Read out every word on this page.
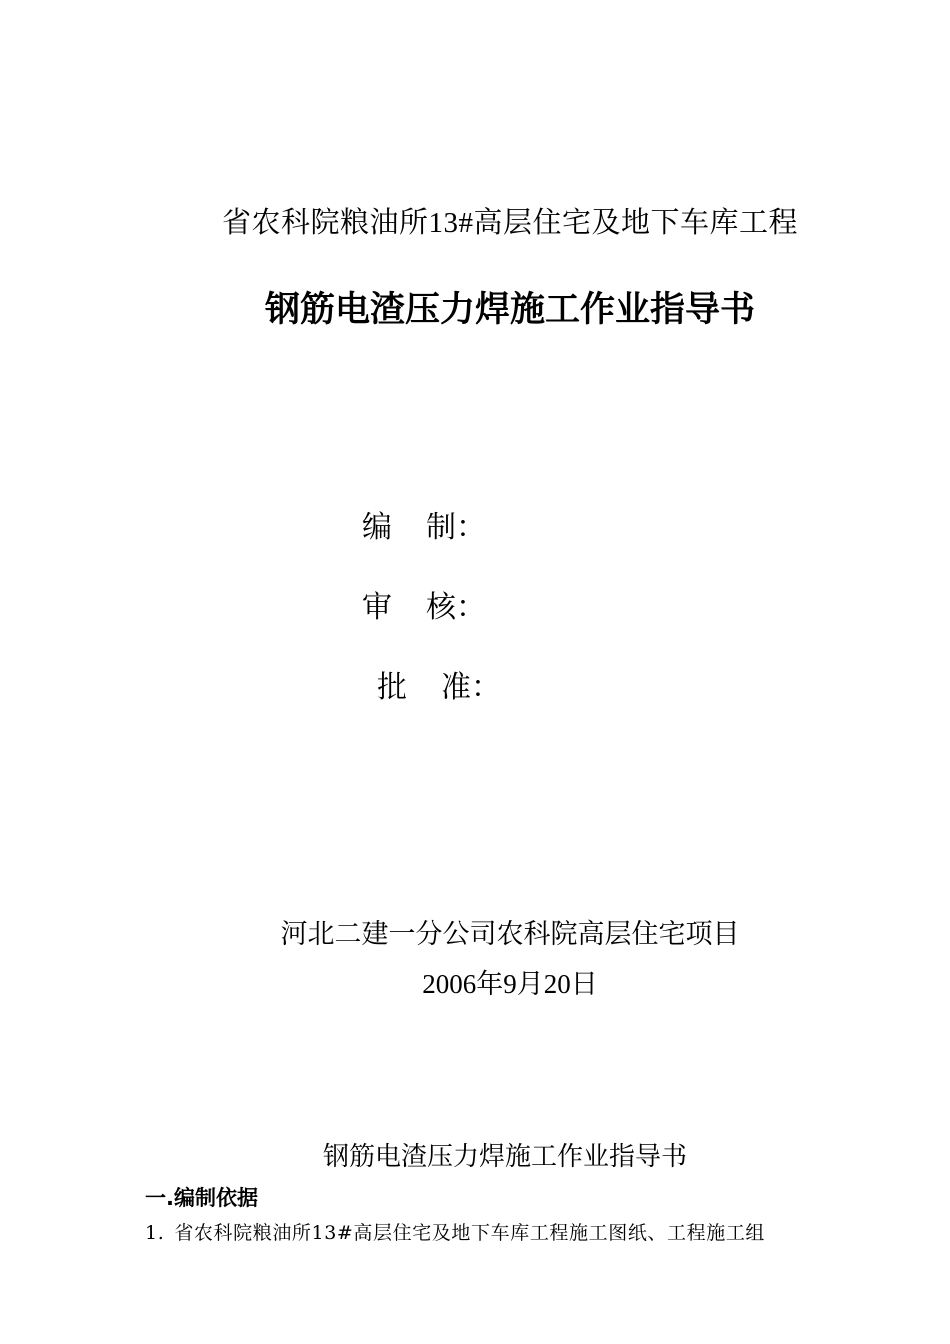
省农科院粮油所13#高层住宅及地下车库工程
钢筋电渣压力焊施工作业指导书
编	制：
审	核：
批	准：
河北二建一分公司农科院高层住宅项目
2006年9月20日
钢筋电渣压力焊施工作业指导书
一.编制依据
1. 省农科院粮油所13#高层住宅及地下车库工程施工图纸、工程施工组
